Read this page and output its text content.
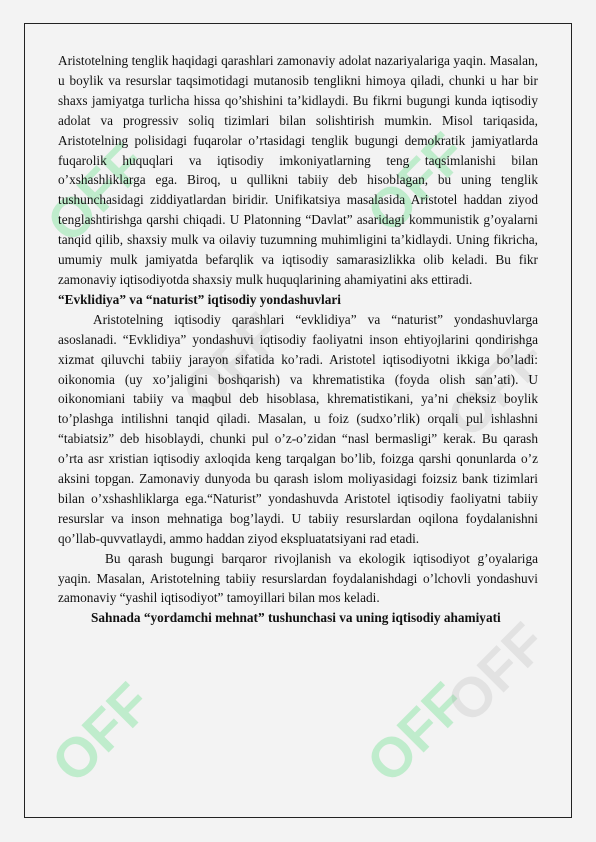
OFF	OFF
OFF	OFF
OFF	OFF
OFF

Aristotelning tenglik haqidagi qarashlari zamonaviy adolat nazariyalariga yaqin. Masalan, u boylik va resurslar taqsimotidagi mutanosib tenglikni himoya qiladi, chunki u har bir shaxs jamiyatga turlicha hissa qo’shishini ta’kidlaydi. Bu fikrni bugungi kunda iqtisodiy adolat va progressiv soliq tizimlari bilan solishtirish mumkin. Misol tariqasida, Aristotelning polisidagi fuqarolar o’rtasidagi tenglik bugungi demokratik jamiyatlarda fuqarolik huquqlari va iqtisodiy imkoniyatlarning teng taqsimlanishi bilan o’xshashliklarga ega. Biroq, u qullikni tabiiy deb hisoblagan, bu uning tenglik tushunchasidagi ziddiyatlardan biridir. Unifikatsiya masalasida Aristotel haddan ziyod tenglashtirishga qarshi chiqadi. U Platonning “Davlat” asaridagi kommunistik g’oyalarni tanqid qilib, shaxsiy mulk va oilaviy tuzumning muhimligini ta’kidlaydi. Uning fikricha, umumiy mulk jamiyatda befarqlik va iqtisodiy samarasizlikka olib keladi. Bu fikr zamonaviy iqtisodiyotda shaxsiy mulk huquqlarining ahamiyatini aks ettiradi.

“Evklidiya” va “naturist” iqtisodiy yondashuvlari

Aristotelning iqtisodiy qarashlari “evklidiya” va “naturist” yondashuvlarga asoslanadi. “Evklidiya” yondashuvi iqtisodiy faoliyatni inson ehtiyojlarini qondirishga xizmat qiluvchi tabiiy jarayon sifatida ko’radi. Aristotel iqtisodiyotni ikkiga bo’ladi: oikonomia (uy xo’jaligini boshqarish) va khrematistika (foyda olish san’ati). U oikonomiani tabiiy va maqbul deb hisoblasa, khrematistikani, ya’ni cheksiz boylik to’plashga intilishni tanqid qiladi. Masalan, u foiz (sudxo’rlik) orqali pul ishlashni “tabiatsiz” deb hisoblaydi, chunki pul o’z-o’zidan “nasl bermasligi” kerak. Bu qarash o’rta asr xristian iqtisodiy axloqida keng tarqalgan bo’lib, foizga qarshi qonunlarda o’z aksini topgan. Zamonaviy dunyoda bu qarash islom moliyasidagi foizsiz bank tizimlari bilan o’xshashliklarga ega.“Naturist” yondashuvda Aristotel iqtisodiy faoliyatni tabiiy resurslar va inson mehnatiga bog’laydi. U tabiiy resurslardan oqilona foydalanishni qo’llab-quvvatlaydi, ammo haddan ziyod ekspluatatsiyani rad etadi.

Bu qarash bugungi barqaror rivojlanish va ekologik iqtisodiyot g’oyalariga yaqin. Masalan, Aristotelning tabiiy resurslardan foydalanishdagi o’lchovli yondashuvi zamonaviy “yashil iqtisodiyot” tamoyillari bilan mos keladi.

Sahnada “yordamchi mehnat” tushunchasi va uning iqtisodiy ahamiyati
